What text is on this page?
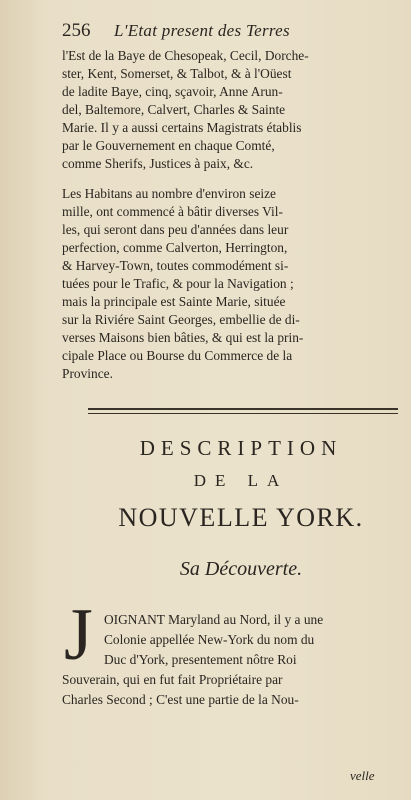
256 L'Etat present des Terres
l'Est de la Baye de Chesopeak, Cecil, Dorche-
ster, Kent, Somerset, & Talbot, & à l'Oüest
de ladite Baye, cinq, sçavoir, Anne Arun-
del, Baltemore, Calvert, Charles & Sainte
Marie. Il y a aussi certains Magistrats établis
par le Gouvernement en chaque Comté,
comme Sherifs, Justices à paix, &c.
Les Habitans au nombre d'environ seize
mille, ont commencé à bâtir diverses Vil-
les, qui seront dans peu d'années dans leur
perfection, comme Calverton, Herrington,
& Harvey-Town, toutes commodément si-
tuées pour le Trafic, & pour la Navigation ;
mais la principale est Sainte Marie, située
sur la Riviére Saint Georges, embellie de di-
verses Maisons bien bâties, & qui est la prin-
cipale Place ou Bourse du Commerce de la
Province.
DESCRIPTION
DE LA
NOUVELLE YORK.
Sa Découverte.
J OIGNANT Maryland au Nord, il y a une
Colonie appellée New-York du nom du
Duc d'York, presentement nôtre Roi
Souverain, qui en fut fait Propriétaire par
Charles Second ; C'est une partie de la Nou-
velle
